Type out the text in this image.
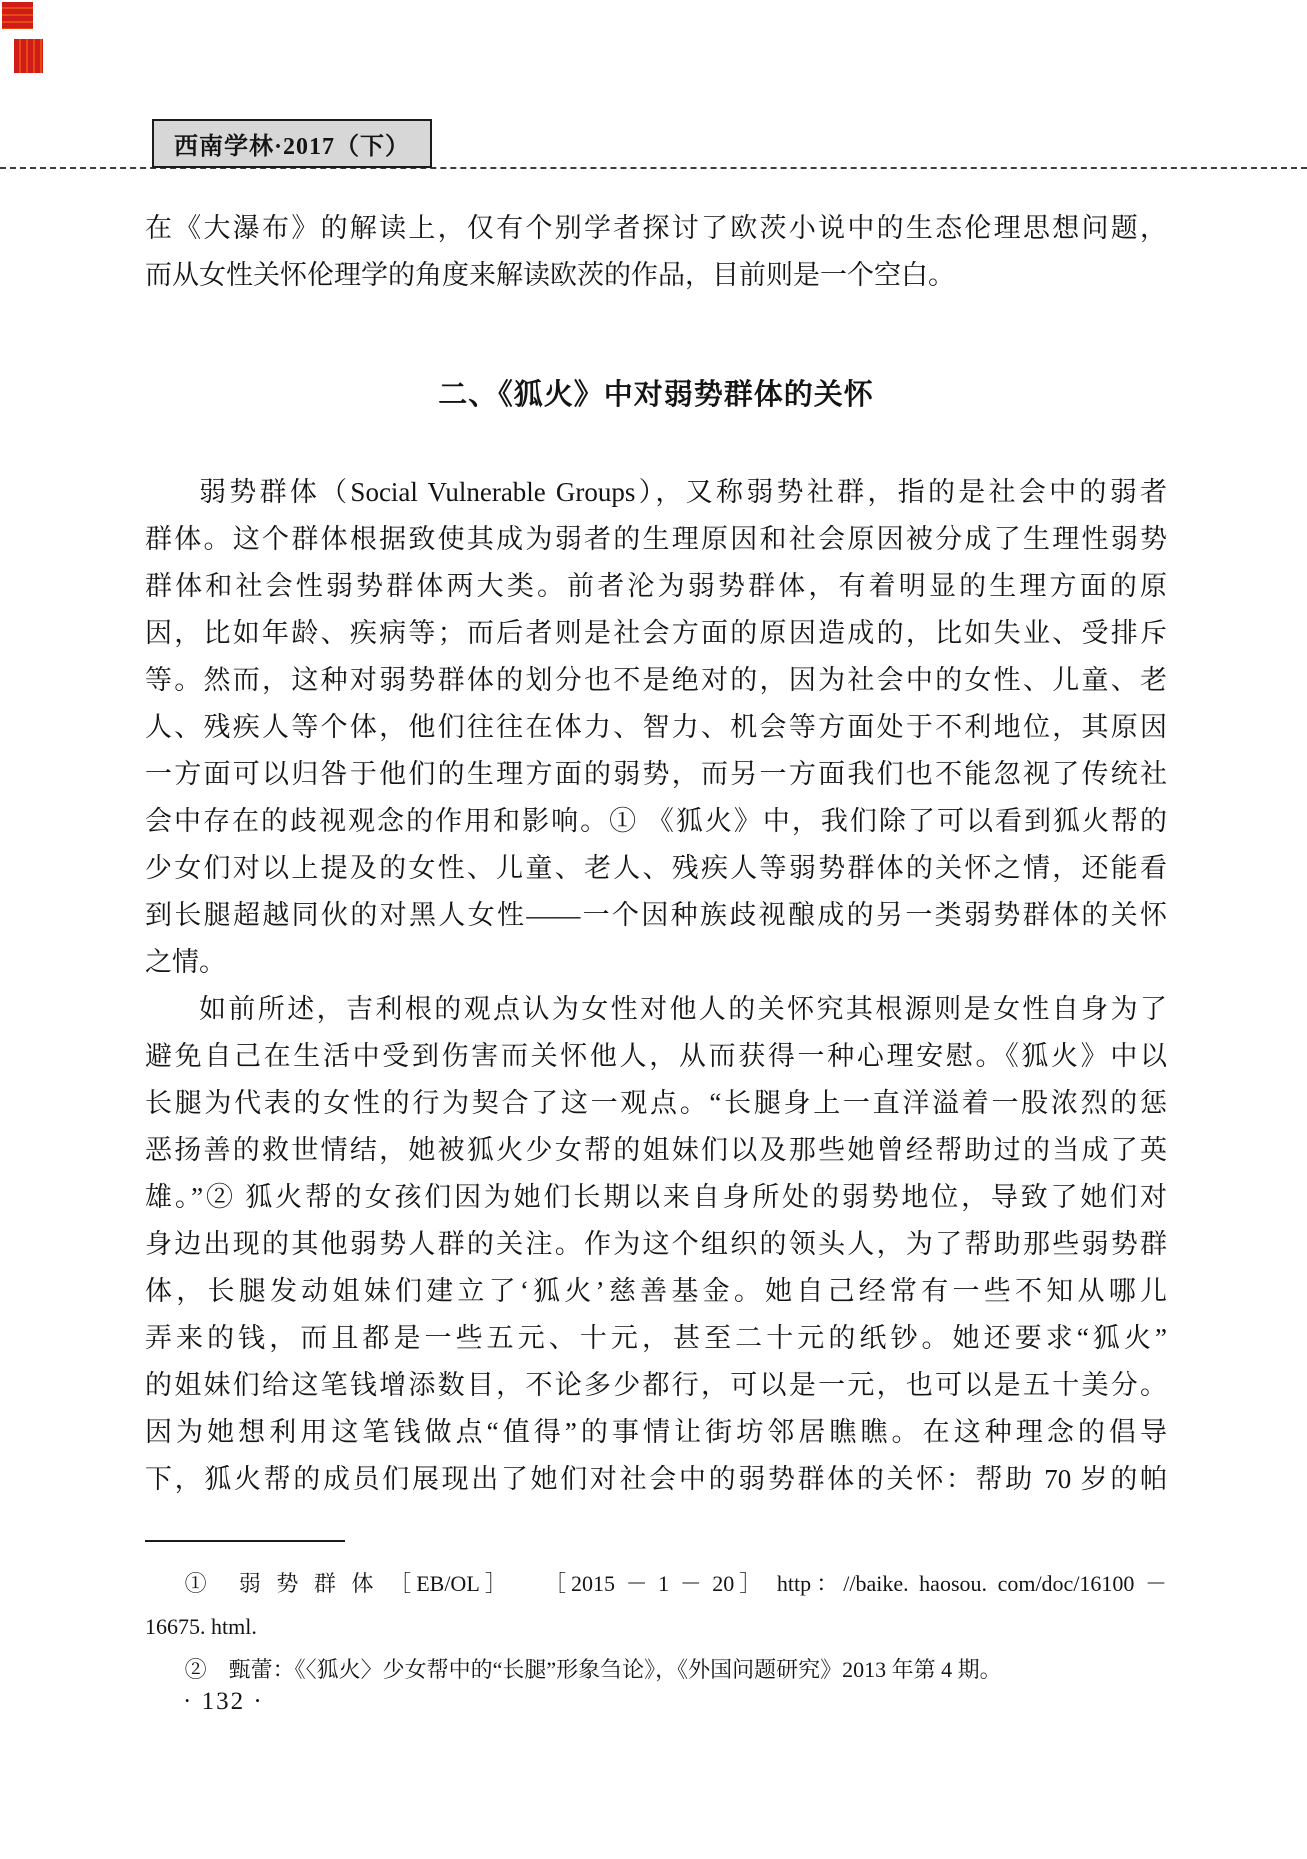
西南学林·2017（下）
在《大瀑布》的解读上，仅有个别学者探讨了欧茨小说中的生态伦理思想问题，
而从女性关怀伦理学的角度来解读欧茨的作品，目前则是一个空白。
二、《狐火》中对弱势群体的关怀
弱势群体（Social Vulnerable Groups），又称弱势社群，指的是社会中的弱者
群体。这个群体根据致使其成为弱者的生理原因和社会原因被分成了生理性弱势
群体和社会性弱势群体两大类。前者沦为弱势群体，有着明显的生理方面的原
因，比如年龄、疾病等；而后者则是社会方面的原因造成的，比如失业、受排斥
等。然而，这种对弱势群体的划分也不是绝对的，因为社会中的女性、儿童、老
人、残疾人等个体，他们往往在体力、智力、机会等方面处于不利地位，其原因
一方面可以归咎于他们的生理方面的弱势，而另一方面我们也不能忽视了传统社
会中存在的歧视观念的作用和影响。① 《狐火》中，我们除了可以看到狐火帮的
少女们对以上提及的女性、儿童、老人、残疾人等弱势群体的关怀之情，还能看
到长腿超越同伙的对黑人女性——一个因种族歧视酿成的另一类弱势群体的关怀
之情。
如前所述，吉利根的观点认为女性对他人的关怀究其根源则是女性自身为了
避免自己在生活中受到伤害而关怀他人，从而获得一种心理安慰。《狐火》中以
长腿为代表的女性的行为契合了这一观点。“长腿身上一直洋溢着一股浓烈的惩
恶扬善的救世情结，她被狐火少女帮的姐妹们以及那些她曾经帮助过的当成了英
雄。”② 狐火帮的女孩们因为她们长期以来自身所处的弱势地位，导致了她们对
身边出现的其他弱势人群的关注。作为这个组织的领头人，为了帮助那些弱势群
体，长腿发动姐妹们建立了‘狐火’慈善基金。她自己经常有一些不知从哪儿
弄来的钱，而且都是一些五元、十元，甚至二十元的纸钞。她还要求“狐火”
的姐妹们给这笔钱增添数目，不论多少都行，可以是一元，也可以是五十美分。
因为她想利用这笔钱做点“值得”的事情让街坊邻居瞧瞧。在这种理念的倡导
下，狐火帮的成员们展现出了她们对社会中的弱势群体的关怀：帮助 70 岁的帕
①　弱 势 群 体 ［EB/OL］　　［2015 － 1 － 20］ http：//baike. haosou. com/doc/16100 －
16675. html.
②　甄蕾：《〈狐火〉少女帮中的“长腿”形象刍论》，《外国问题研究》2013 年第 4 期。
· 132 ·
